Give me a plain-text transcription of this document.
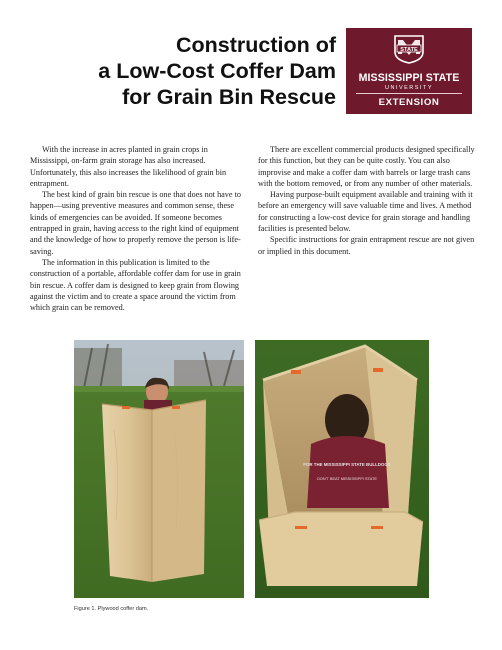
Construction of
a Low-Cost Coffer Dam
for Grain Bin Rescue
STATE
MISSISSIPPI STATE
UNIVERSITY
EXTENSION

With the increase in acres planted in grain crops in Mississippi, on-farm grain storage has also increased. Unfortunately, this also increases the likelihood of grain bin entrapment.

The best kind of grain bin rescue is one that does not have to happen—using preventive measures and common sense, these kinds of emergencies can be avoided. If someone becomes entrapped in grain, having access to the right kind of equipment and the knowledge of how to properly remove the person is life-saving.

The information in this publication is limited to the construction of a portable, affordable coffer dam for use in grain bin rescue. A coffer dam is designed to keep grain from flowing against the victim and to create a space around the victim from which grain can be removed.

There are excellent commercial products designed specifically for this function, but they can be quite costly. You can also improvise and make a coffer dam with barrels or large trash cans with the bottom removed, or from any number of other materials.

Having purpose-built equipment available and training with it before an emergency will save valuable time and lives. A method for constructing a low-cost device for grain storage and handling facilities is presented below.

Specific instructions for grain entrapment rescue are not given or implied in this document.

FOR THE MISSISSIPPI STATE BULLDOGS
DON'T BEAT MISSISSIPPI STATE
Figure 1. Plywood coffer dam.
